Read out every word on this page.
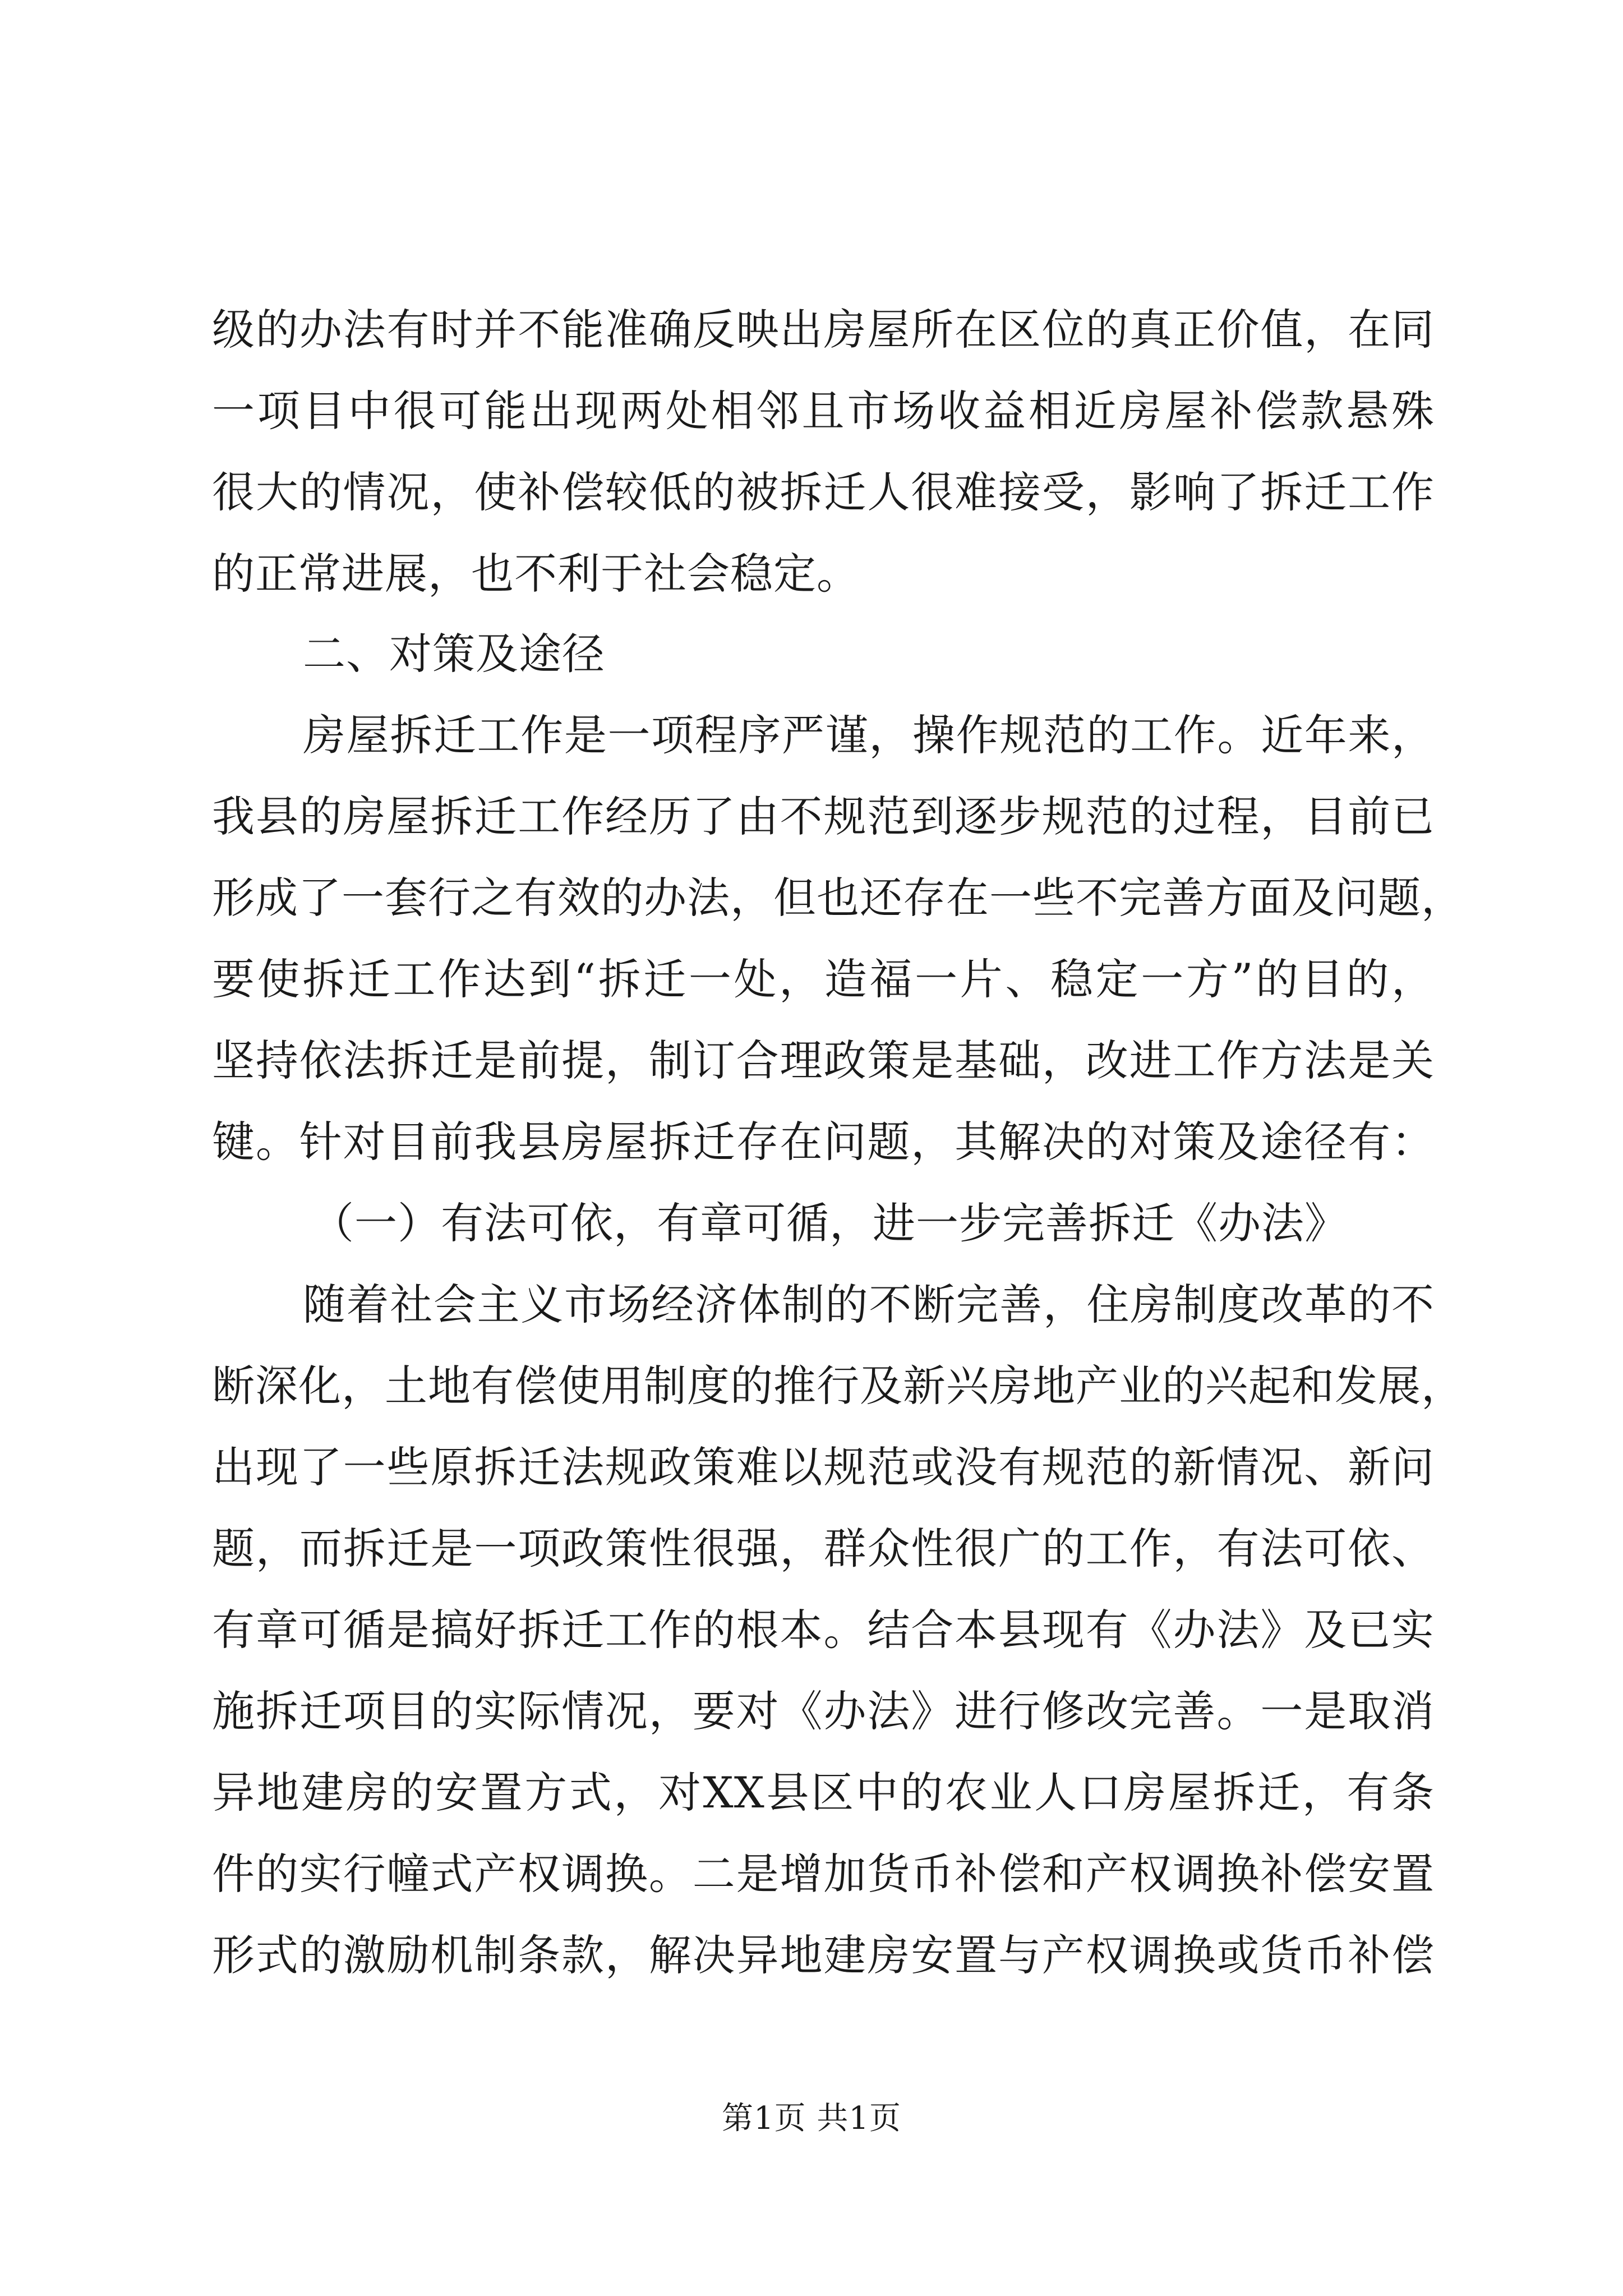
级的办法有时并不能准确反映出房屋所在区位的真正价值，在同
一项目中很可能出现两处相邻且市场收益相近房屋补偿款悬殊
很大的情况，使补偿较低的被拆迁人很难接受，影响了拆迁工作
的正常进展，也不利于社会稳定。
二、对策及途径
房屋拆迁工作是一项程序严谨，操作规范的工作。近年来，
我县的房屋拆迁工作经历了由不规范到逐步规范的过程，目前已
形成了一套行之有效的办法，但也还存在一些不完善方面及问题，
要使拆迁工作达到“拆迁一处，造福一片、稳定一方”的目的，
坚持依法拆迁是前提，制订合理政策是基础，改进工作方法是关
键。针对目前我县房屋拆迁存在问题，其解决的对策及途径有：
（一）有法可依，有章可循，进一步完善拆迁《办法》
随着社会主义市场经济体制的不断完善，住房制度改革的不
断深化，土地有偿使用制度的推行及新兴房地产业的兴起和发展，
出现了一些原拆迁法规政策难以规范或没有规范的新情况、新问
题，而拆迁是一项政策性很强，群众性很广的工作，有法可依、
有章可循是搞好拆迁工作的根本。结合本县现有《办法》及已实
施拆迁项目的实际情况，要对《办法》进行修改完善。一是取消
异地建房的安置方式，对XX县区中的农业人口房屋拆迁，有条
件的实行幢式产权调换。二是增加货币补偿和产权调换补偿安置
形式的激励机制条款，解决异地建房安置与产权调换或货币补偿
第1页 共1页
